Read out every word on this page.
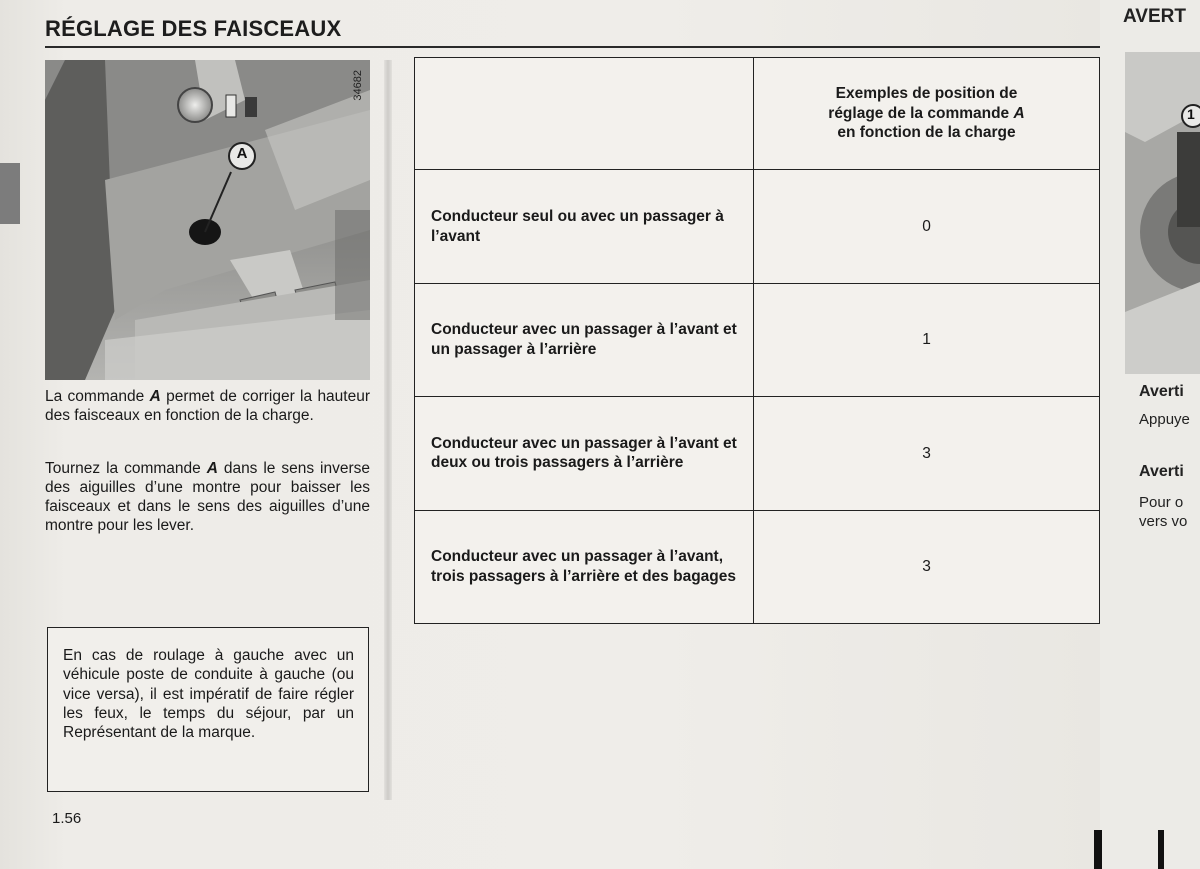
RÉGLAGE DES FAISCEAUX
34682
A
La commande A permet de corriger la hauteur des faisceaux en fonction de la charge.
Tournez la commande A dans le sens inverse des aiguilles d’une montre pour baisser les faisceaux et dans le sens des aiguilles d’une montre pour les lever.
En cas de roulage à gauche avec un véhicule poste de conduite à gauche (ou vice versa), il est impératif de faire régler les feux, le temps du séjour, par un Représentant de la marque.
1.56
	Exemples de position de
réglage de la commande A
en fonction de la charge
Conducteur seul ou avec un passager à l’avant	0
Conducteur avec un passager à l’avant et un passager à l’arrière	1
Conducteur avec un passager à l’avant et deux ou trois passagers à l’arrière	3
Conducteur avec un passager à l’avant, trois passagers à l’arrière et des bagages	3
AVERT
1
Averti
Appuye
Averti
Pour o
vers vo
